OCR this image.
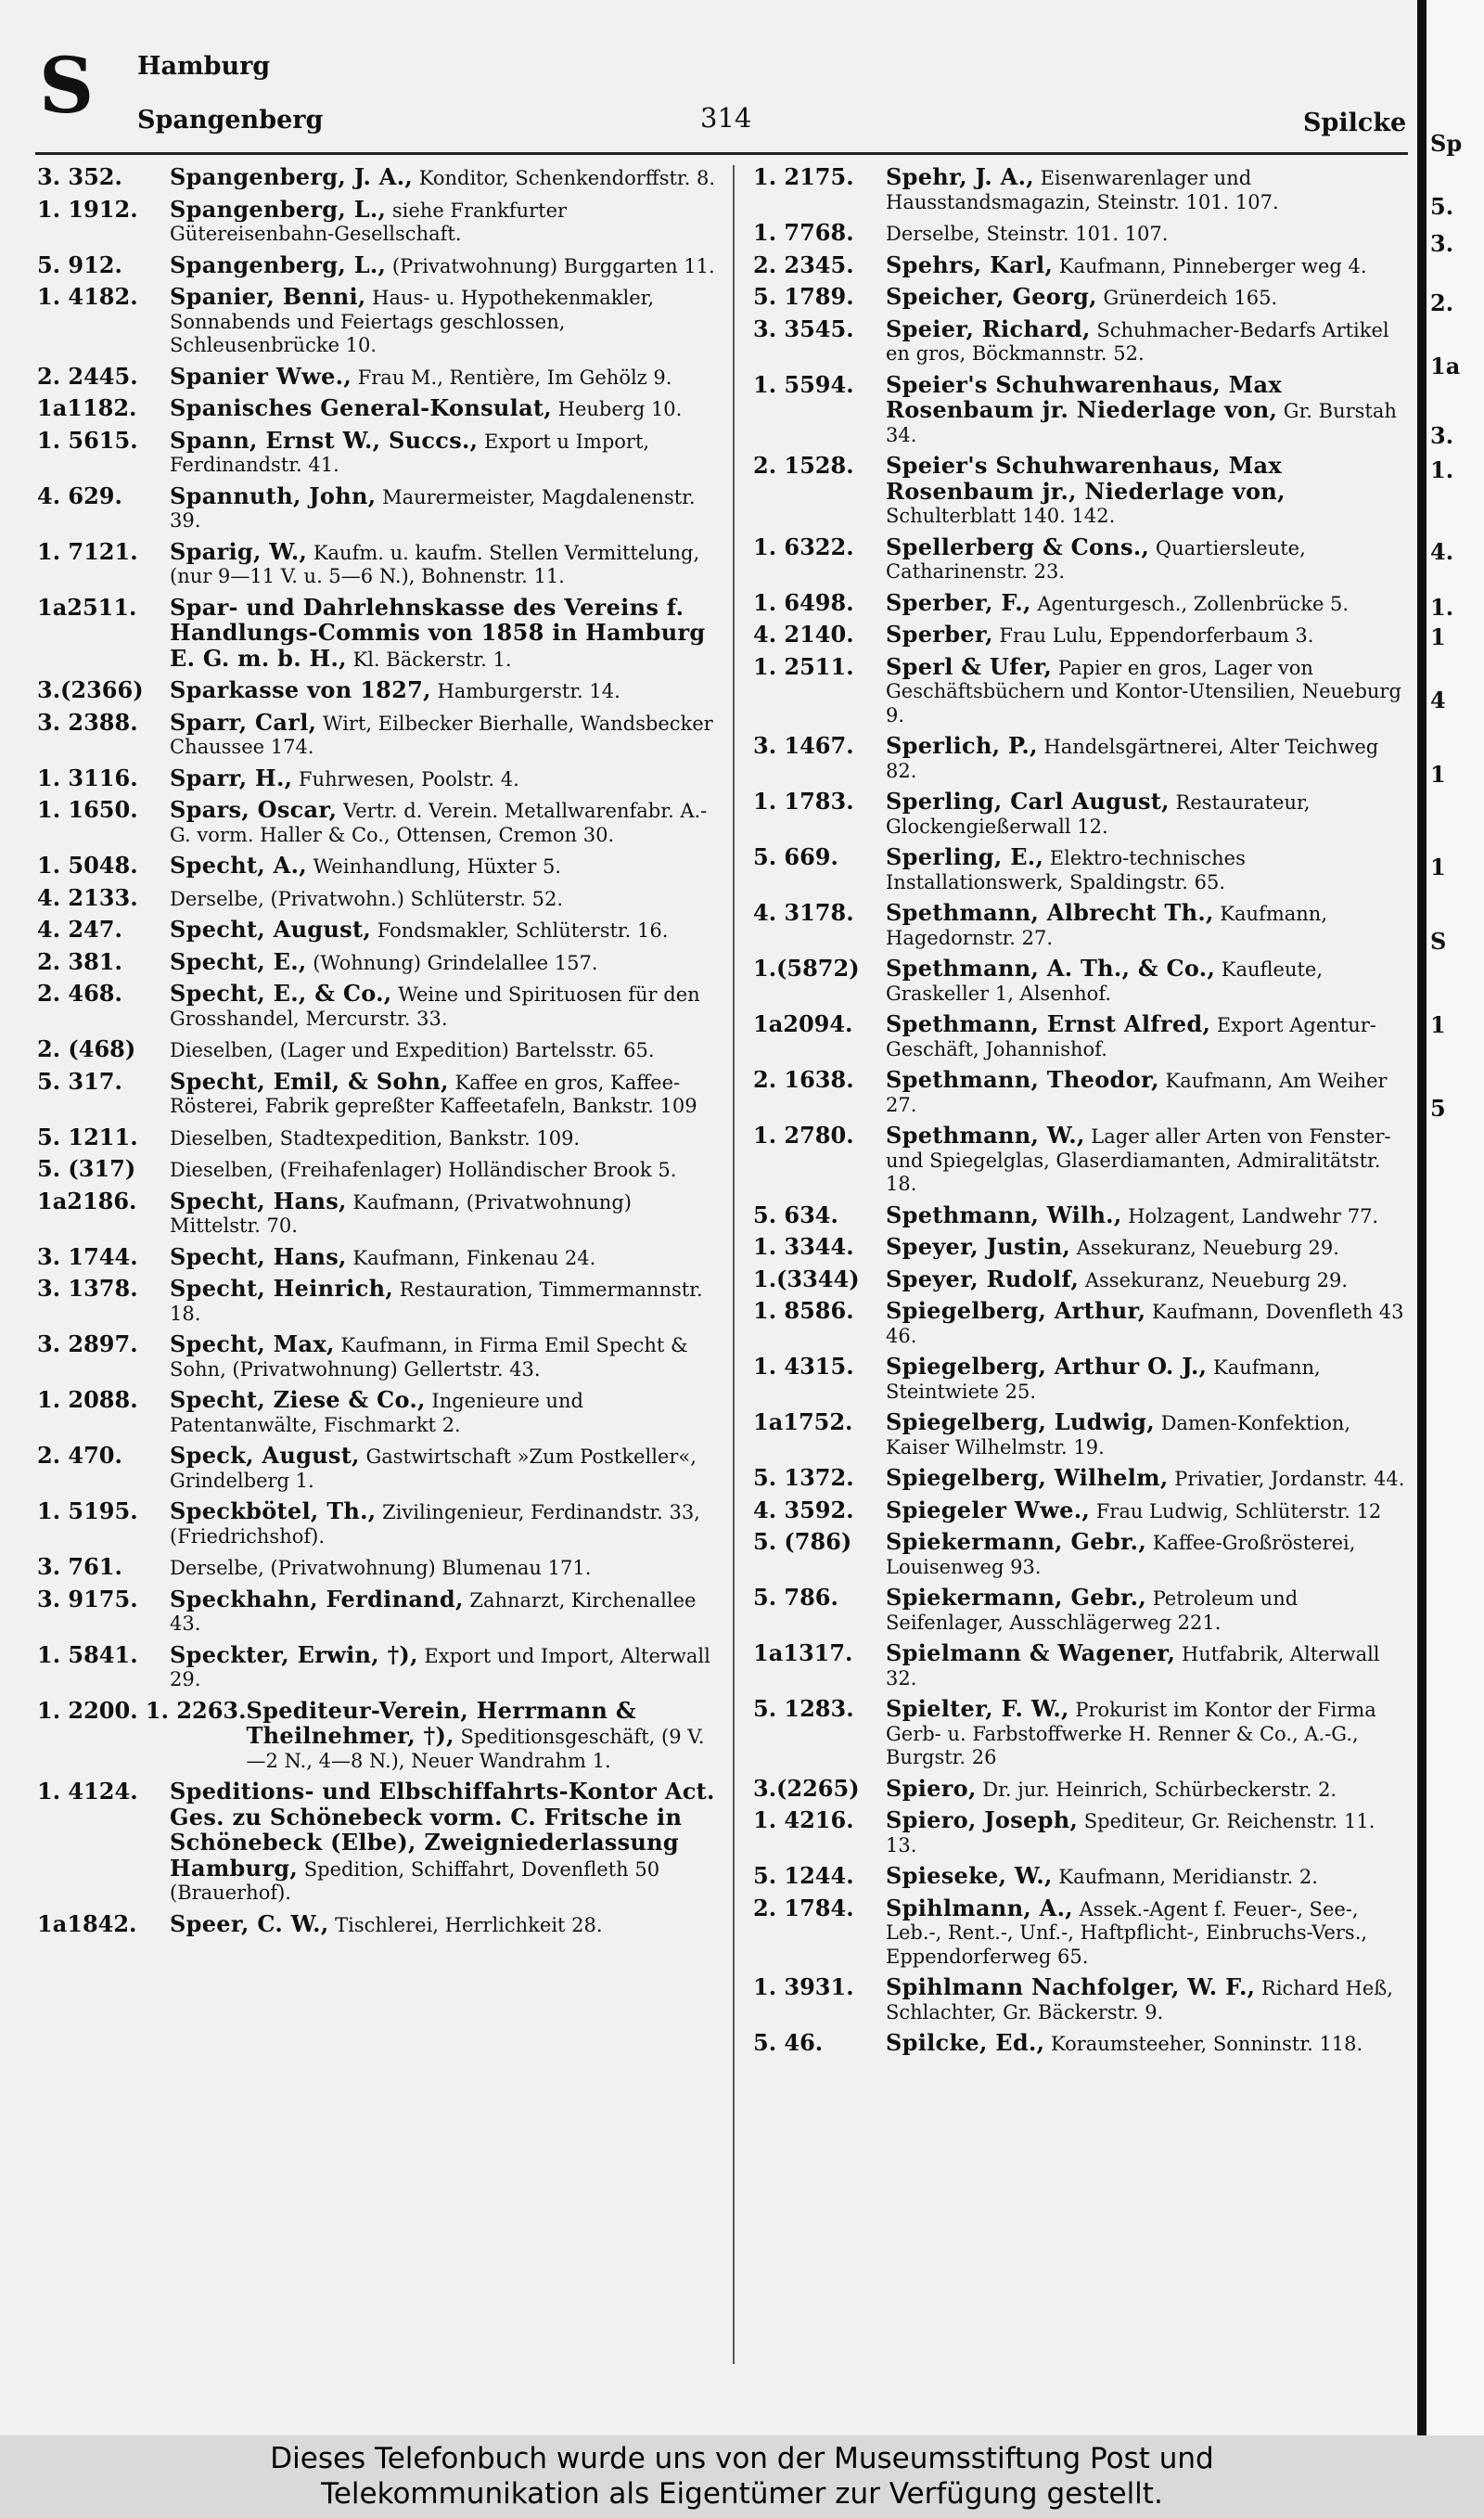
S Hamburg
Spangenberg	314	Spilcke
3. 352.	Spangenberg, J. A., Konditor, Schenkendorffstr. 8.
1. 1912.	Spangenberg, L., siehe Frankfurter Gütereisenbahn-Gesellschaft.
5. 912.	Spangenberg, L., (Privatwohnung) Burggarten 11.
1. 4182.	Spanier, Benni, Haus- u. Hypothekenmakler, Sonnabends und Feiertags geschlossen, Schleusenbrücke 10.
2. 2445.	Spanier Wwe., Frau M., Rentière, Im Gehölz 9.
1a1182.	Spanisches General-Konsulat, Heuberg 10.
1. 5615.	Spann, Ernst W., Succs., Export u Import, Ferdinandstr. 41.
4. 629.	Spannuth, John, Maurermeister, Magdalenenstr. 39.
1. 7121.	Sparig, W., Kaufm. u. kaufm. Stellen Vermittelung, (nur 9—11 V. u. 5—6 N.), Bohnenstr. 11.
1a2511.	Spar- und Dahrlehnskasse des Vereins f. Handlungs-Commis von 1858 in Hamburg E. G. m. b. H., Kl. Bäckerstr. 1.
3.(2366)	Sparkasse von 1827, Hamburgerstr. 14.
3. 2388.	Sparr, Carl, Wirt, Eilbecker Bierhalle, Wandsbecker Chaussee 174.
1. 3116.	Sparr, H., Fuhrwesen, Poolstr. 4.
1. 1650.	Spars, Oscar, Vertr. d. Verein. Metallwarenfabr. A.-G. vorm. Haller & Co., Ottensen, Cremon 30.
1. 5048.	Specht, A., Weinhandlung, Hüxter 5.
4. 2133.	Derselbe, (Privatwohn.) Schlüterstr. 52.
4. 247.	Specht, August, Fondsmakler, Schlüterstr. 16.
2. 381.	Specht, E., (Wohnung) Grindelallee 157.
2. 468.	Specht, E., & Co., Weine und Spirituosen für den Grosshandel, Mercurstr. 33.
2. (468)	Dieselben, (Lager und Expedition) Bartelsstr. 65.
5. 317.	Specht, Emil, & Sohn, Kaffee en gros, Kaffee-Rösterei, Fabrik gepreßter Kaffeetafeln, Bankstr. 109
5. 1211.	Dieselben, Stadtexpedition, Bankstr. 109.
5. (317)	Dieselben, (Freihafenlager) Holländischer Brook 5.
1a2186.	Specht, Hans, Kaufmann, (Privatwohnung) Mittelstr. 70.
3. 1744.	Specht, Hans, Kaufmann, Finkenau 24.
3. 1378.	Specht, Heinrich, Restauration, Timmermannstr. 18.
3. 2897.	Specht, Max, Kaufmann, in Firma Emil Specht & Sohn, (Privatwohnung) Gellertstr. 43.
1. 2088.	Specht, Ziese & Co., Ingenieure und Patentanwälte, Fischmarkt 2.
2. 470.	Speck, August, Gastwirtschaft »Zum Postkeller«, Grindelberg 1.
1. 5195.	Speckbötel, Th., Zivilingenieur, Ferdinandstr. 33, (Friedrichshof).
3. 761.	Derselbe, (Privatwohnung) Blumenau 171.
3. 9175.	Speckhahn, Ferdinand, Zahnarzt, Kirchenallee 43.
1. 5841.	Speckter, Erwin, †), Export und Import, Alterwall 29.
1. 2200. 1. 2263. Spediteur-Verein, Herrmann & Theilnehmer, †), Speditionsgeschäft, (9 V.—2 N., 4—8 N.), Neuer Wandrahm 1.
1. 4124.	Speditions- und Elbschiffahrts-Kontor Act. Ges. zu Schönebeck vorm. C. Fritsche in Schönebeck (Elbe), Zweigniederlassung Hamburg, Spedition, Schiffahrt, Dovenfleth 50 (Brauerhof).
1a1842.	Speer, C. W., Tischlerei, Herrlichkeit 28.
1. 2175.	Spehr, J. A., Eisenwarenlager und Hausstandsmagazin, Steinstr. 101. 107.
1. 7768.	Derselbe, Steinstr. 101. 107.
2. 2345.	Spehrs, Karl, Kaufmann, Pinneberger weg 4.
5. 1789.	Speicher, Georg, Grünerdeich 165.
3. 3545.	Speier, Richard, Schuhmacher-Bedarfs Artikel en gros, Böckmannstr. 52.
1. 5594.	Speier's Schuhwarenhaus, Max Rosenbaum jr. Niederlage von, Gr. Burstah 34.
2. 1528.	Speier's Schuhwarenhaus, Max Rosenbaum jr., Niederlage von, Schulterblatt 140. 142.
1. 6322.	Spellerberg & Cons., Quartiersleute, Catharinenstr. 23.
1. 6498.	Sperber, F., Agenturgesch., Zollenbrücke 5.
4. 2140.	Sperber, Frau Lulu, Eppendorferbaum 3.
1. 2511.	Sperl & Ufer, Papier en gros, Lager von Geschäftsbüchern und Kontor-Utensilien, Neueburg 9.
3. 1467.	Sperlich, P., Handelsgärtnerei, Alter Teichweg 82.
1. 1783.	Sperling, Carl August, Restaurateur, Glockengießerwall 12.
5. 669.	Sperling, E., Elektro-technisches Installationswerk, Spaldingstr. 65.
4. 3178.	Spethmann, Albrecht Th., Kaufmann, Hagedornstr. 27.
1.(5872)	Spethmann, A. Th., & Co., Kaufleute, Graskeller 1, Alsenhof.
1a2094.	Spethmann, Ernst Alfred, Export Agentur-Geschäft, Johannishof.
2. 1638.	Spethmann, Theodor, Kaufmann, Am Weiher 27.
1. 2780.	Spethmann, W., Lager aller Arten von Fenster- und Spiegelglas, Glaserdiamanten, Admiralitätstr. 18.
5. 634.	Spethmann, Wilh., Holzagent, Landwehr 77.
1. 3344.	Speyer, Justin, Assekuranz, Neueburg 29.
1.(3344)	Speyer, Rudolf, Assekuranz, Neueburg 29.
1. 8586.	Spiegelberg, Arthur, Kaufmann, Dovenfleth 43 46.
1. 4315.	Spiegelberg, Arthur O. J., Kaufmann, Steintwiete 25.
1a1752.	Spiegelberg, Ludwig, Damen-Konfektion, Kaiser Wilhelmstr. 19.
5. 1372.	Spiegelberg, Wilhelm, Privatier, Jordanstr. 44.
4. 3592.	Spiegeler Wwe., Frau Ludwig, Schlüterstr. 12
5. (786)	Spiekermann, Gebr., Kaffee-Großrösterei, Louisenweg 93.
5. 786.	Spiekermann, Gebr., Petroleum und Seifenlager, Ausschlägerweg 221.
1a1317.	Spielmann & Wagener, Hutfabrik, Alterwall 32.
5. 1283.	Spielter, F. W., Prokurist im Kontor der Firma Gerb- u. Farbstoffwerke H. Renner & Co., A.-G., Burgstr. 26
3.(2265)	Spiero, Dr. jur. Heinrich, Schürbeckerstr. 2.
1. 4216.	Spiero, Joseph, Spediteur, Gr. Reichenstr. 11. 13.
5. 1244.	Spieseke, W., Kaufmann, Meridianstr. 2.
2. 1784.	Spihlmann, A., Assek.-Agent f. Feuer-, See-, Leb.-, Rent.-, Unf.-, Haftpflicht-, Einbruchs-Vers., Eppendorferweg 65.
1. 3931.	Spihlmann Nachfolger, W. F., Richard Heß, Schlachter, Gr. Bäckerstr. 9.
5. 46.	Spilcke, Ed., Koraumsteeher, Sonninstr. 118.
Sp
5.
3.
2.
1a
3.
1.
4.
1.
1
4
1
1
S
1
5
Dieses Telefonbuch wurde uns von der Museumsstiftung Post und
Telekommunikation als Eigentümer zur Verfügung gestellt.
